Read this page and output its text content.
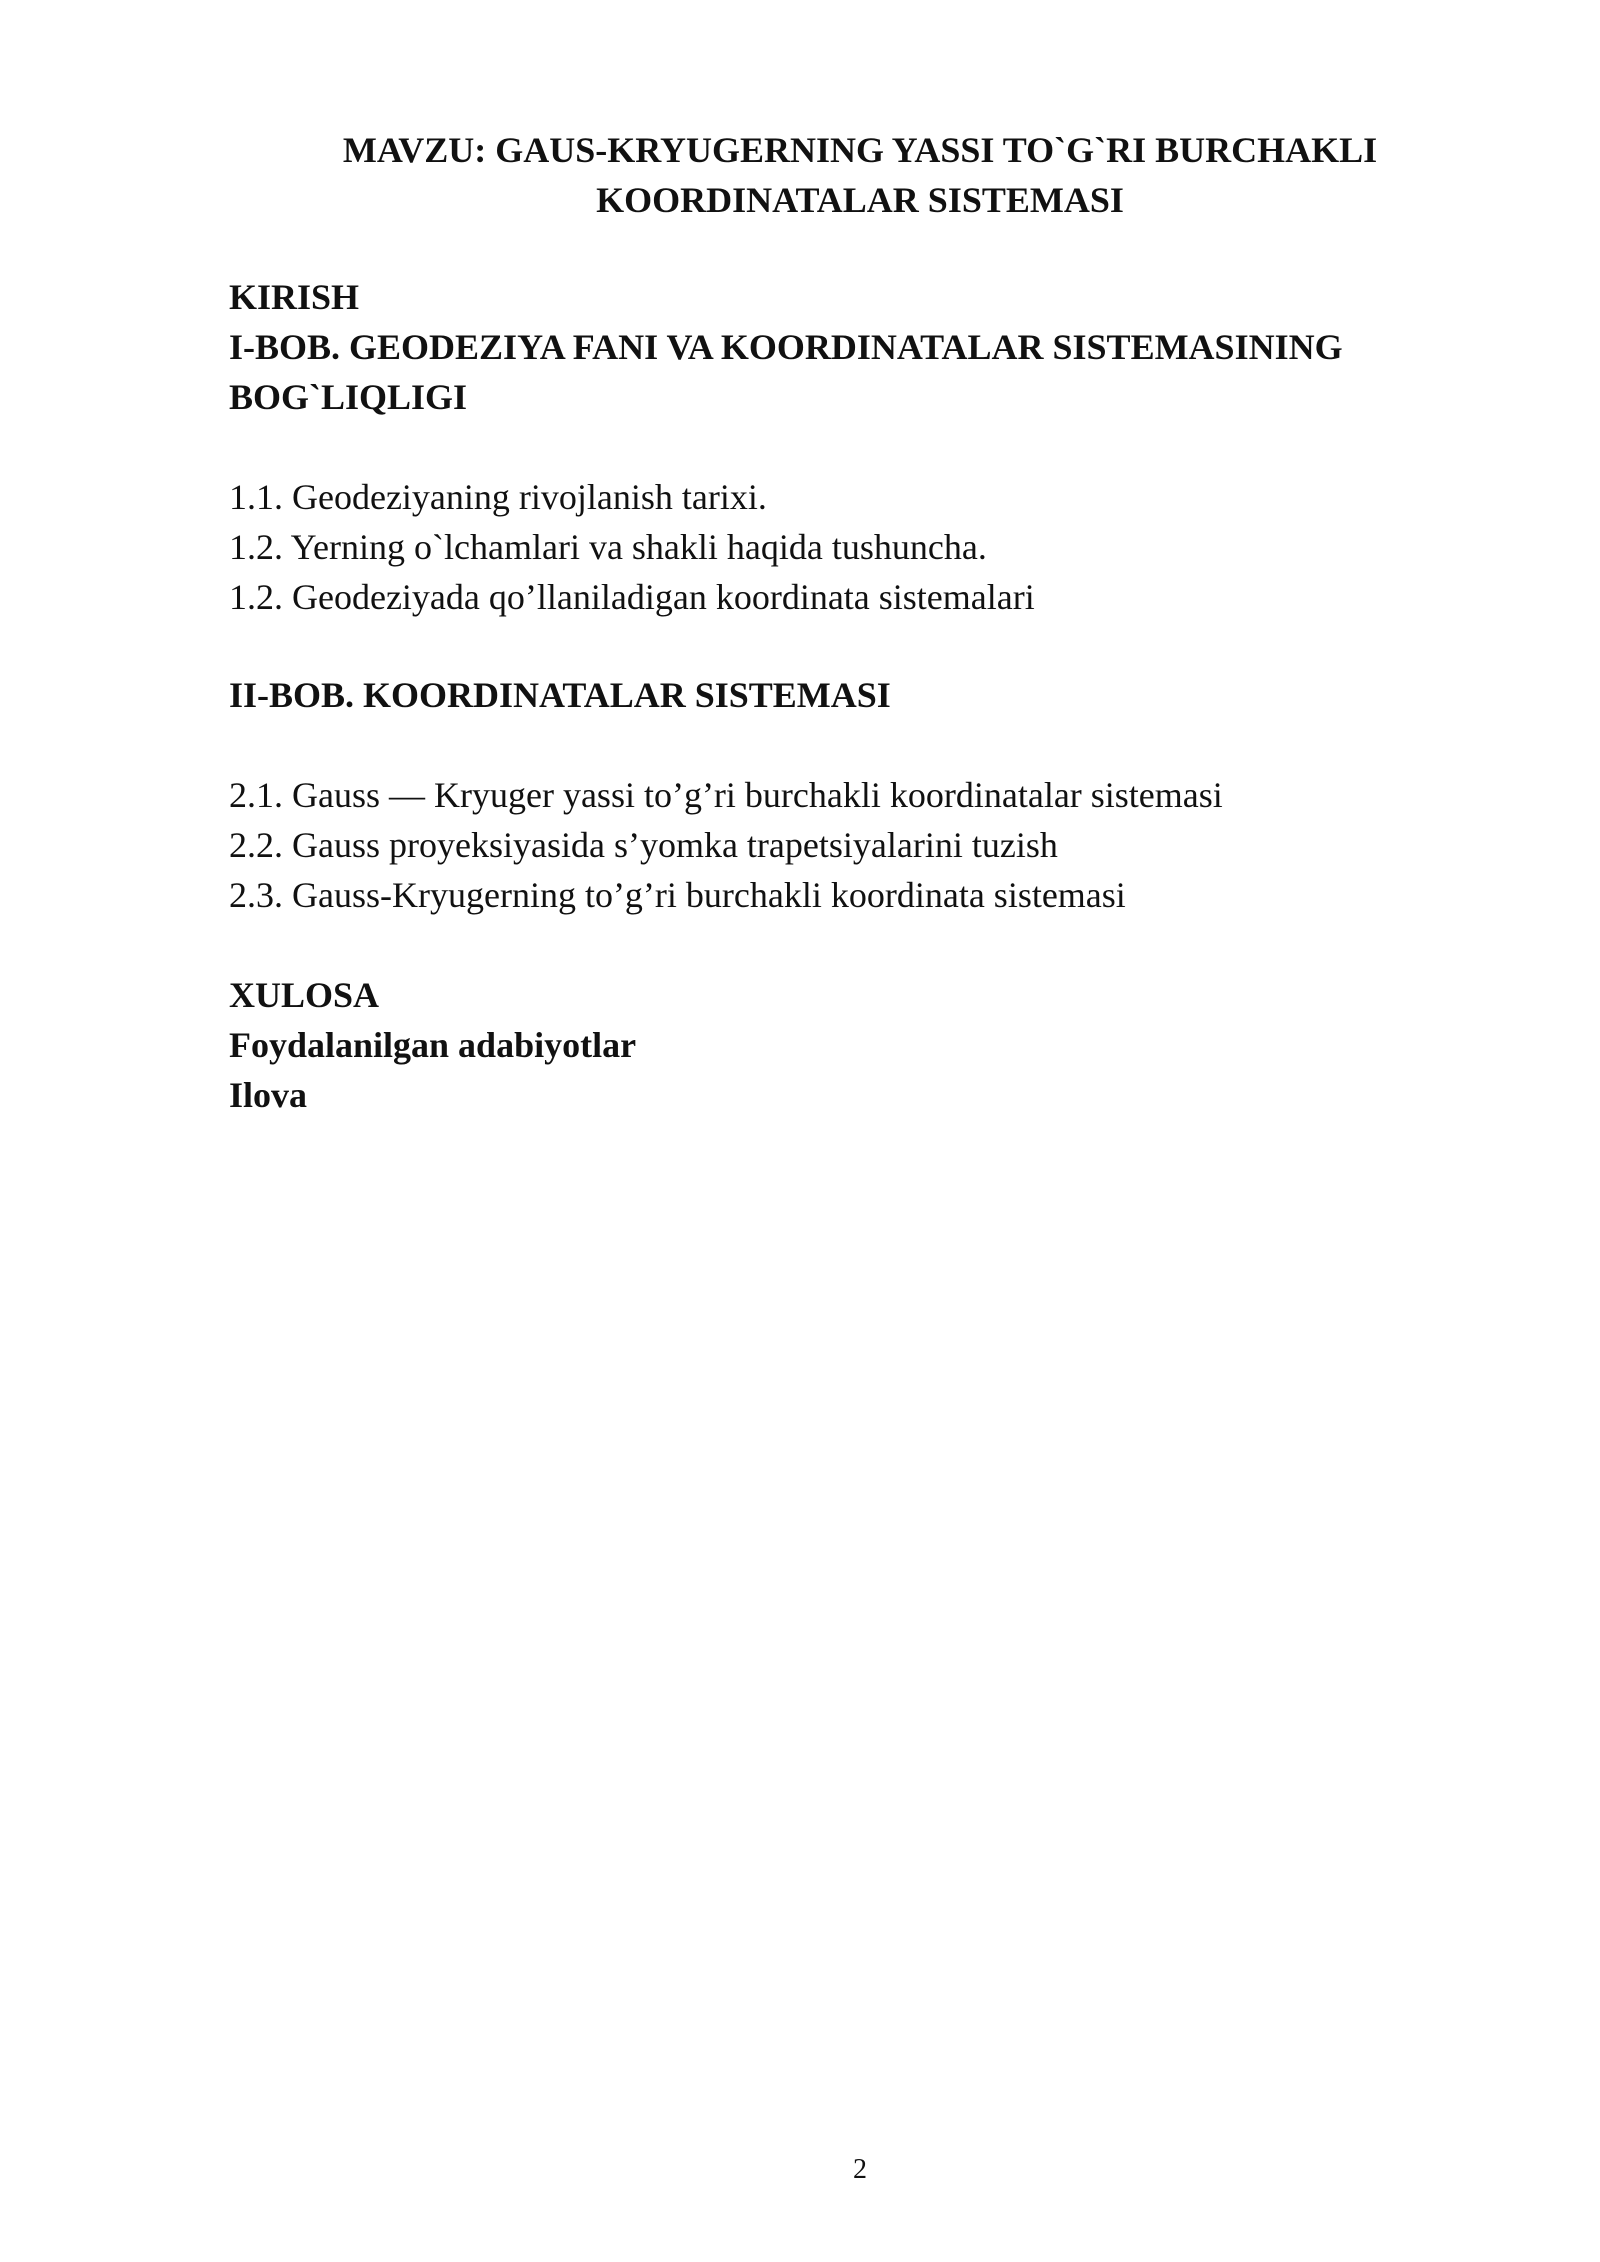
MAVZU: GAUS-KRYUGERNING YASSI TO`G`RI BURCHAKLI
KOORDINATALAR SISTEMASI
KIRISH
I-BOB. GEODEZIYA FANI VA KOORDINATALAR SISTEMASINING
BOG`LIQLIGI
1.1. Geodeziyaning rivojlanish tarixi.
1.2. Yerning o`lchamlari va shakli haqida tushuncha.
1.2. Geodeziyada qo’llaniladigan koordinata sistemalari
II-BOB. KOORDINATALAR SISTEMASI
2.1. Gauss — Kryuger yassi to’g’ri burchakli koordinatalar sistemasi
2.2. Gauss proyeksiyasida s’yomka trapetsiyalarini tuzish
2.3. Gauss-Kryugerning to’g’ri burchakli koordinata sistemasi
XULOSA
Foydalanilgan adabiyotlar
Ilova
2
